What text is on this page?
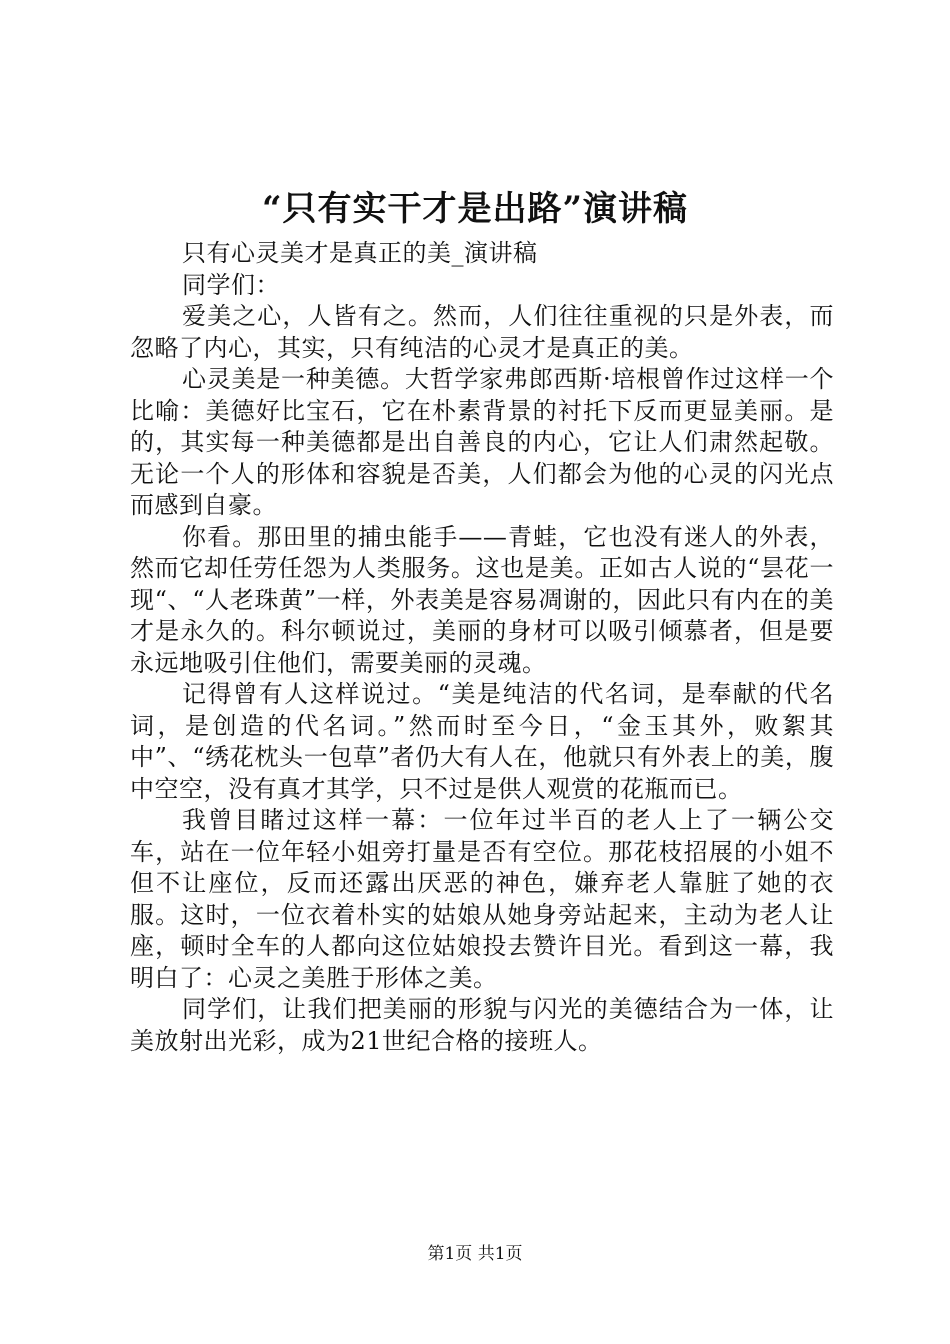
“只有实干才是出路”演讲稿

只有心灵美才是真正的美_演讲稿

同学们：

爱美之心，人皆有之。然而，人们往往重视的只是外表，而忽略了内心，其实，只有纯洁的心灵才是真正的美。

心灵美是一种美德。大哲学家弗郎西斯·培根曾作过这样一个比喻：美德好比宝石，它在朴素背景的衬托下反而更显美丽。是的，其实每一种美德都是出自善良的内心，它让人们肃然起敬。无论一个人的形体和容貌是否美，人们都会为他的心灵的闪光点而感到自豪。

你看。那田里的捕虫能手——青蛙，它也没有迷人的外表，然而它却任劳任怨为人类服务。这也是美。正如古人说的“昙花一现“、“人老珠黄”一样，外表美是容易凋谢的，因此只有内在的美才是永久的。科尔顿说过，美丽的身材可以吸引倾慕者，但是要永远地吸引住他们，需要美丽的灵魂。

记得曾有人这样说过。“美是纯洁的代名词，是奉献的代名词，是创造的代名词。”然而时至今日，“金玉其外，败絮其中”、“绣花枕头一包草”者仍大有人在，他就只有外表上的美，腹中空空，没有真才其学，只不过是供人观赏的花瓶而已。

我曾目睹过这样一幕：一位年过半百的老人上了一辆公交车，站在一位年轻小姐旁打量是否有空位。那花枝招展的小姐不但不让座位，反而还露出厌恶的神色，嫌弃老人靠脏了她的衣服。这时，一位衣着朴实的姑娘从她身旁站起来，主动为老人让座，顿时全车的人都向这位姑娘投去赞许目光。看到这一幕，我明白了：心灵之美胜于形体之美。

同学们，让我们把美丽的形貌与闪光的美德结合为一体，让美放射出光彩，成为21世纪合格的接班人。

第1页 共1页
